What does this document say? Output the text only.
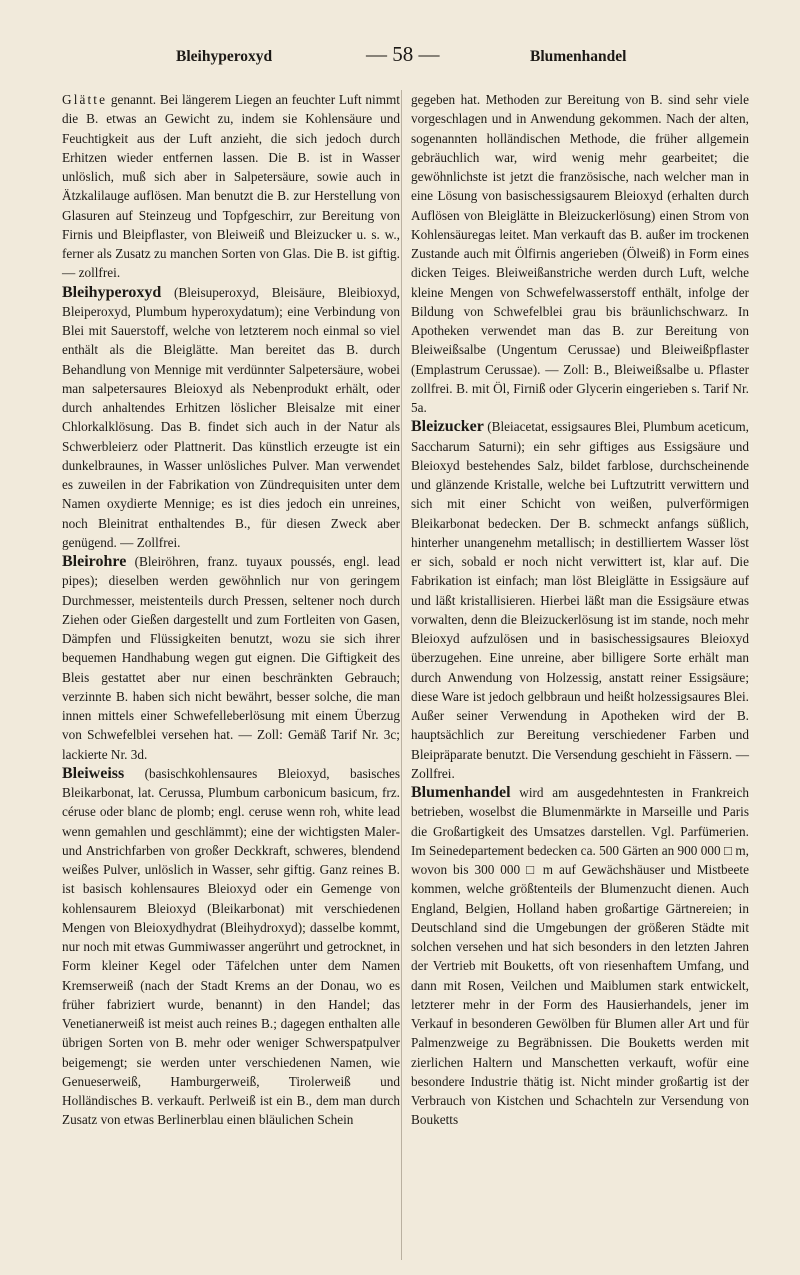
Bleihyperoxyd	— 58 —	Blumenhandel

Glätte genannt. Bei längerem Liegen an feuchter Luft nimmt die B. etwas an Gewicht zu, indem sie Kohlensäure und Feuchtigkeit aus der Luft anzieht, die sich jedoch durch Erhitzen wieder entfernen lassen. Die B. ist in Wasser unlöslich, muß sich aber in Salpetersäure, sowie auch in Ätzkalilauge auflösen. Man benutzt die B. zur Herstellung von Glasuren auf Steinzeug und Topfgeschirr, zur Bereitung von Firnis und Bleipflaster, von Bleiweiß und Bleizucker u. s. w., ferner als Zusatz zu manchen Sorten von Glas. Die B. ist giftig. — zollfrei.

Bleihyperoxyd (Bleisuperoxyd, Bleisäure, Bleibioxyd, Bleiperoxyd, Plumbum hyperoxydatum); eine Verbindung von Blei mit Sauerstoff, welche von letzterem noch einmal so viel enthält als die Bleiglätte. Man bereitet das B. durch Behandlung von Mennige mit verdünnter Salpetersäure, wobei man salpetersaures Bleioxyd als Nebenprodukt erhält, oder durch anhaltendes Erhitzen löslicher Bleisalze mit einer Chlorkalklösung. Das B. findet sich auch in der Natur als Schwerbleierz oder Plattnerit. Das künstlich erzeugte ist ein dunkelbraunes, in Wasser unlösliches Pulver. Man verwendet es zuweilen in der Fabrikation von Zündrequisiten unter dem Namen oxydierte Mennige; es ist dies jedoch ein unreines, noch Bleinitrat enthaltendes B., für diesen Zweck aber genügend. — Zollfrei.

Bleirohre (Bleiröhren, franz. tuyaux poussés, engl. lead pipes); dieselben werden gewöhnlich nur von geringem Durchmesser, meistenteils durch Pressen, seltener noch durch Ziehen oder Gießen dargestellt und zum Fortleiten von Gasen, Dämpfen und Flüssigkeiten benutzt, wozu sie sich ihrer bequemen Handhabung wegen gut eignen. Die Giftigkeit des Bleis gestattet aber nur einen beschränkten Gebrauch; verzinnte B. haben sich nicht bewährt, besser solche, die man innen mittels einer Schwefelleberlösung mit einem Überzug von Schwefelblei versehen hat. — Zoll: Gemäß Tarif Nr. 3c; lackierte Nr. 3d.

Bleiweiss (basischkohlensaures Bleioxyd, basisches Bleikarbonat, lat. Cerussa, Plumbum carbonicum basicum, frz. céruse oder blanc de plomb; engl. ceruse wenn roh, white lead wenn gemahlen und geschlämmt); eine der wichtigsten Maler- und Anstrichfarben von großer Deckkraft, schweres, blendend weißes Pulver, unlöslich in Wasser, sehr giftig. Ganz reines B. ist basisch kohlensaures Bleioxyd oder ein Gemenge von kohlensaurem Bleioxyd (Bleikarbonat) mit verschiedenen Mengen von Bleioxydhydrat (Bleihydroxyd); dasselbe kommt, nur noch mit etwas Gummiwasser angerührt und getrocknet, in Form kleiner Kegel oder Täfelchen unter dem Namen Kremserweiß (nach der Stadt Krems an der Donau, wo es früher fabriziert wurde, benannt) in den Handel; das Venetianerweiß ist meist auch reines B.; dagegen enthalten alle übrigen Sorten von B. mehr oder weniger Schwerspatpulver beigemengt; sie werden unter verschiedenen Namen, wie Genueserweiß, Hamburgerweiß, Tirolerweiß und Holländisches B. verkauft. Perlweiß ist ein B., dem man durch Zusatz von etwas Berlinerblau einen bläulichen Schein

gegeben hat. Methoden zur Bereitung von B. sind sehr viele vorgeschlagen und in Anwendung gekommen. Nach der alten, sogenannten holländischen Methode, die früher allgemein gebräuchlich war, wird wenig mehr gearbeitet; die gewöhnlichste ist jetzt die französische, nach welcher man in eine Lösung von basischessigsaurem Bleioxyd (erhalten durch Auflösen von Bleiglätte in Bleizuckerlösung) einen Strom von Kohlensäuregas leitet. Man verkauft das B. außer im trockenen Zustande auch mit Ölfirnis angerieben (Ölweiß) in Form eines dicken Teiges. Bleiweißanstriche werden durch Luft, welche kleine Mengen von Schwefelwasserstoff enthält, infolge der Bildung von Schwefelblei grau bis bräunlichschwarz. In Apotheken verwendet man das B. zur Bereitung von Bleiweißsalbe (Ungentum Cerussae) und Bleiweißpflaster (Emplastrum Cerussae). — Zoll: B., Bleiweißsalbe u. Pflaster zollfrei. B. mit Öl, Firniß oder Glycerin eingerieben s. Tarif Nr. 5a.

Bleizucker (Bleiacetat, essigsaures Blei, Plumbum aceticum, Saccharum Saturni); ein sehr giftiges aus Essigsäure und Bleioxyd bestehendes Salz, bildet farblose, durchscheinende und glänzende Kristalle, welche bei Luftzutritt verwittern und sich mit einer Schicht von weißen, pulverförmigen Bleikarbonat bedecken. Der B. schmeckt anfangs süßlich, hinterher unangenehm metallisch; in destilliertem Wasser löst er sich, sobald er noch nicht verwittert ist, klar auf. Die Fabrikation ist einfach; man löst Bleiglätte in Essigsäure auf und läßt kristallisieren. Hierbei läßt man die Essigsäure etwas vorwalten, denn die Bleizuckerlösung ist im stande, noch mehr Bleioxyd aufzulösen und in basischessigsaures Bleioxyd überzugehen. Eine unreine, aber billigere Sorte erhält man durch Anwendung von Holzessig, anstatt reiner Essigsäure; diese Ware ist jedoch gelbbraun und heißt holzessigsaures Blei. Außer seiner Verwendung in Apotheken wird der B. hauptsächlich zur Bereitung verschiedener Farben und Bleipräparate benutzt. Die Versendung geschieht in Fässern. — Zollfrei.

Blumenhandel wird am ausgedehntesten in Frankreich betrieben, woselbst die Blumenmärkte in Marseille und Paris die Großartigkeit des Umsatzes darstellen. Vgl. Parfümerien. Im Seinedepartement bedecken ca. 500 Gärten an 900 000 □ m, wovon bis 300 000 □ m auf Gewächshäuser und Mistbeete kommen, welche größtenteils der Blumenzucht dienen. Auch England, Belgien, Holland haben großartige Gärtnereien; in Deutschland sind die Umgebungen der größeren Städte mit solchen versehen und hat sich besonders in den letzten Jahren der Vertrieb mit Bouketts, oft von riesenhaftem Umfang, und dann mit Rosen, Veilchen und Maiblumen stark entwickelt, letzterer mehr in der Form des Hausierhandels, jener im Verkauf in besonderen Gewölben für Blumen aller Art und für Palmenzweige zu Begräbnissen. Die Bouketts werden mit zierlichen Haltern und Manschetten verkauft, wofür eine besondere Industrie thätig ist. Nicht minder großartig ist der Verbrauch von Kistchen und Schachteln zur Versendung von Bouketts
